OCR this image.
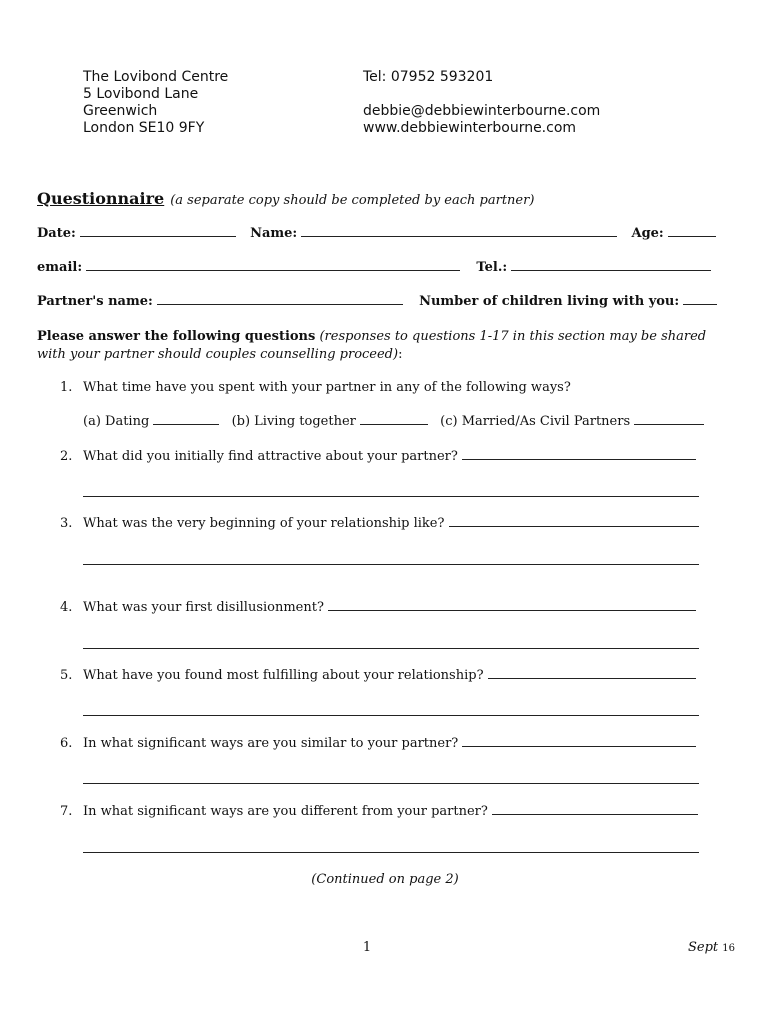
The Lovibond Centre
5 Lovibond Lane
Greenwich
London SE10 9FY
Tel: 07952 593201
debbie@debbiewinterbourne.com
www.debbiewinterbourne.com
Questionnaire (a separate copy should be completed by each partner)
Date:	Name:	Age:
email:	Tel.:
Partner's name:	Number of children living with you:
Please answer the following questions (responses to questions 1-17 in this section may be shared with your partner should couples counselling proceed):
1. What time have you spent with your partner in any of the following ways?
(a) Dating	(b) Living together	(c) Married/As Civil Partners
2. What did you initially find attractive about your partner?
3. What was the very beginning of your relationship like?
4. What was your first disillusionment?
5. What have you found most fulfilling about your relationship?
6. In what significant ways are you similar to your partner?
7. In what significant ways are you different from your partner?
(Continued on page 2)
1	Sept 16
